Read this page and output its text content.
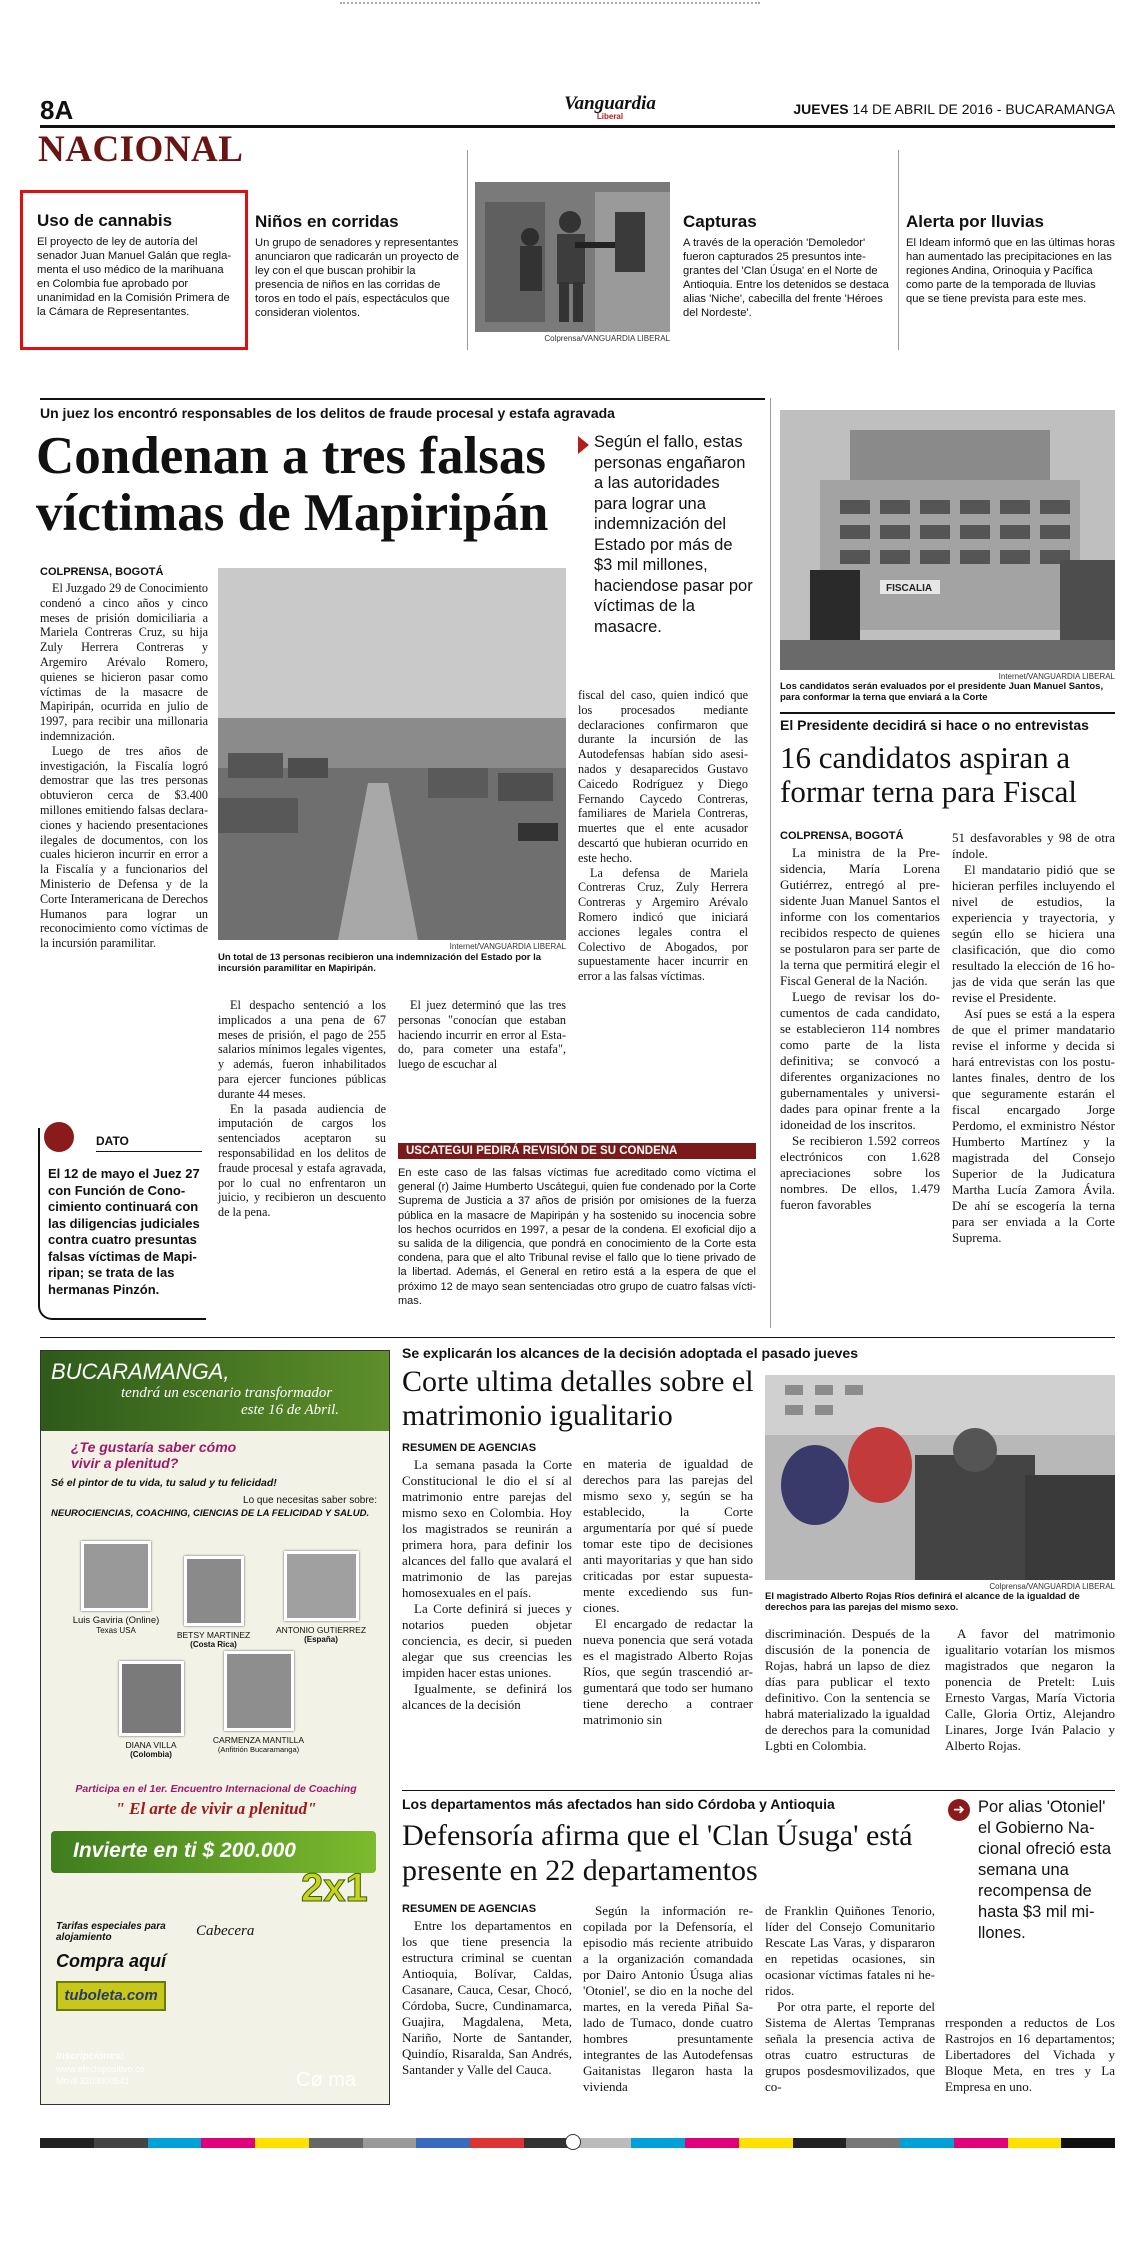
8A	Vanguardia
Liberal	JUEVES 14 DE ABRIL DE 2016 - BUCARAMANGA
NACIONAL
Uso de cannabis
El proyecto de ley de autoría del senador Juan Manuel Galán que reglamenta el uso médico de la marihuana en Colombia fue aprobado por unanimidad en la Comisión Primera de la Cámara de Representantes.
Niños en corridas
Un grupo de senadores y representantes anunciaron que radicarán un proyecto de ley con el que buscan prohibir la presencia de niños en las corridas de toros en todo el país, espectáculos que consideran violentos.
Colprensa/VANGUARDIA LIBERAL
Capturas
A través de la operación 'Demoledor' fueron capturados 25 presuntos integrantes del 'Clan Úsuga' en el Norte de Antioquia. Entre los detenidos se destaca alias 'Niche', cabecilla del frente 'Héroes del Nordeste'.
Alerta por lluvias
El Ideam informó que en las últimas horas han aumentado las precipitaciones en las regiones Andina, Orinoquia y Pacífica como parte de la temporada de lluvias que se tiene prevista para este mes.
Un juez los encontró responsables de los delitos de fraude procesal y estafa agravada
Condenan a tres falsas víctimas de Mapiripán
Según el fallo, estas personas engañaron a las autoridades para lograr una indemnización del Estado por más de $3 mil millones, haciendose pasar por víctimas de la masacre.
COLPRENSA, BOGOTÁ

El Juzgado 29 de Conocimiento condenó a cinco años y cinco meses de prisión domiciliaria a Mariela Contreras Cruz, su hija Zuly Herrera Contreras y Argemiro Arévalo Romero, quienes se hicieron pasar como víctimas de la masacre de Mapiripán, ocurrida en julio de 1997, para recibir una millonaria indemnización.

Luego de tres años de investigación, la Fiscalía logró demostrar que las tres personas obtuvieron cerca de $3.400 millones emitiendo falsas declaraciones y haciendo presentaciones ilegales de documentos, con los cuales hicieron incurrir en error a la Fiscalía y a funcionarios del Ministerio de Defensa y de la Corte Interamericana de Derechos Humanos para lograr un reconocimiento como víctimas de la incursión paramilitar.	Internet/VANGUARDIA LIBERAL
Un total de 13 personas recibieron una indemnización del Estado por la incursión paramilitar en Mapiripán.

El despacho sentenció a los implicados a una pena de 67 meses de prisión, el pago de 255 salarios mínimos legales vigentes, y además, fueron inhabilitados para ejercer funciones públicas durante 44 meses.

En la pasada audiencia de imputación de cargos los sentenciados aceptaron su responsabilidad en los delitos de fraude procesal y estafa agravada, por lo cual no enfrentaron un juicio, y recibieron un descuento de la pena.

El juez determinó que las tres personas "conocían que estaban haciendo incurrir en error al Estado, para cometer una estafa", luego de escuchar al

fiscal del caso, quien indicó que los procesados mediante declaraciones confirmaron que durante la incursión de las Autodefensas habían sido asesinados y desaparecidos Gustavo Caicedo Rodríguez y Diego Fernando Caycedo Contreras, familiares de Mariela Contreras, muertes que el ente acusador descartó que hubieran ocurrido en este hecho.

La defensa de Mariela Contreras Cruz, Zuly Herrera Contreras y Argemiro Arévalo Romero indicó que iniciará acciones legales contra el Colectivo de Abogados, por supuestamente hacer incurrir en error a las falsas víctimas.

DATO
El 12 de mayo el Juez 27 con Función de Conocimiento continuará con las diligencias judiciales contra cuatro presuntas falsas víctimas de Mapiripan; se trata de las hermanas Pinzón.
USCATEGUI PEDIRÁ REVISIÓN DE SU CONDENA
En este caso de las falsas víctimas fue acreditado como víctima el general (r) Jaime Humberto Uscátegui, quien fue condenado por la Corte Suprema de Justicia a 37 años de prisión por omisiones de la fuerza pública en la masacre de Mapiripán y ha sostenido su inocencia sobre los hechos ocurridos en 1997, a pesar de la condena. El exoficial dijo a su salida de la diligencia, que pondrá en conocimiento de la Corte esta condena, para que el alto Tribunal revise el fallo que lo tiene privado de la libertad. Además, el General en retiro está a la espera de que el próximo 12 de mayo sean sentenciadas otro grupo de cuatro falsas víctimas.
FISCALIA
Internet/VANGUARDIA LIBERAL
Los candidatos serán evaluados por el presidente Juan Manuel Santos, para conformar la terna que enviará a la Corte
El Presidente decidirá si hace o no entrevistas
16 candidatos aspiran a formar terna para Fiscal
COLPRENSA, BOGOTÁ

La ministra de la Presidencia, María Lorena Gutiérrez, entregó al presidente Juan Manuel Santos el informe con los comentarios recibidos respecto de quienes se postularon para ser parte de la terna que permitirá elegir el Fiscal General de la Nación.

Luego de revisar los documentos de cada candidato, se establecieron 114 nombres como parte de la lista definitiva; se convocó a diferentes organizaciones no gubernamentales y universidades para opinar frente a la idoneidad de los inscritos.

Se recibieron 1.592 correos electrónicos con 1.628 apreciaciones sobre los nombres. De ellos, 1.479 fueron favorables

51 desfavorables y 98 de otra índole.

El mandatario pidió que se hicieran perfiles incluyendo el nivel de estudios, la experiencia y trayectoria, y según ello se hiciera una clasificación, que dio como resultado la elección de 16 hojas de vida que serán las que revise el Presidente.

Así pues se está a la espera de que el primer mandatario revise el informe y decida si hará entrevistas con los postulantes finales, dentro de los que seguramente estarán el fiscal encargado Jorge Perdomo, el exministro Néstor Humberto Martínez y la magistrada del Consejo Superior de la Judicatura Martha Lucía Zamora Ávila. De ahí se escogería la terna para ser enviada a la Corte Suprema.

BUCARAMANGA,
tendrá un escenario transformador
este 16 de Abril.
¿Te gustaría saber cómo vivir a plenitud?
Sé el pintor de tu vida, tu salud y tu felicidad!
Lo que necesitas saber sobre:
NEUROCIENCIAS, COACHING, CIENCIAS DE LA FELICIDAD Y SALUD.
Luis Gaviria (Online)
Texas USA	BETSY MARTINEZ
(Costa Rica)
ANTONIO GUTIERREZ
(España)
DIANA VILLA
(Colombia)
CARMENZA MANTILLA
(Anfitrión Bucaramanga)
Participa en el 1er. Encuentro Internacional de Coaching
" El arte de vivir a plenitud"
Invierte en ti $ 200.000
2x1
Tarifas especiales para alojamiento	Cabecera
Compra aquí
tuboleta.com
Inscripciones:
www.efectopositivo.co
Movil 3203000541	Cø ma
Se explicarán los alcances de la decisión adoptada el pasado jueves
Corte ultima detalles sobre el matrimonio igualitario
RESUMEN DE AGENCIAS

La semana pasada la Corte Constitucional le dio el sí al matrimonio entre parejas del mismo sexo en Colombia. Hoy los magistrados se reunirán a primera hora, para definir los alcances del fallo que avalará el matrimonio de las parejas homosexuales en el país.

La Corte definirá si jueces y notarios pueden objetar conciencia, es decir, si pueden alegar que sus creencias les impiden hacer estas uniones.

Igualmente, se definirá los alcances de la decisión

en materia de igualdad de derechos para las parejas del mismo sexo y, según se ha establecido, la Corte argumentaría por qué sí puede tomar este tipo de decisiones anti mayoritarias y que han sido criticadas por estar supuestamente excediendo sus funciones.

El encargado de redactar la nueva ponencia que será votada es el magistrado Alberto Rojas Ríos, que según trascendió argumentará que todo ser humano tiene derecho a contraer matrimonio sin

Colprensa/VANGUARDIA LIBERAL
El magistrado Alberto Rojas Ríos definirá el alcance de la igualdad de derechos para las parejas del mismo sexo.

discriminación. Después de la discusión de la ponencia de Rojas, habrá un lapso de diez días para publicar el texto definitivo. Con la sentencia se habrá materializado la igualdad de derechos para la comunidad Lgbti en Colombia.

A favor del matrimonio igualitario votarían los mismos magistrados que negaron la ponencia de Pretelt: Luis Ernesto Vargas, María Victoria Calle, Gloria Ortiz, Alejandro Linares, Jorge Iván Palacio y Alberto Rojas.

Los departamentos más afectados han sido Córdoba y Antioquia
Defensoría afirma que el 'Clan Úsuga' está presente en 22 departamentos
➜ Por alias 'Otoniel' el Gobierno Nacional ofreció esta semana una recompensa de hasta $3 mil millones.
RESUMEN DE AGENCIAS

Entre los departamentos en los que tiene presencia la estructura criminal se cuentan Antioquia, Bolívar, Caldas, Casanare, Cauca, Cesar, Chocó, Córdoba, Sucre, Cundinamarca, Guajira, Magdalena, Meta, Nariño, Norte de Santander, Quindío, Risaralda, San Andrés, Santander y Valle del Cauca.

Según la información recopilada por la Defensoría, el episodio más reciente atribuido a la organización comandada por Dairo Antonio Úsuga alias 'Otoniel', se dio en la noche del martes, en la vereda Piñal Salado de Tumaco, donde cuatro hombres presuntamente integrantes de las Autodefensas Gaitanistas llegaron hasta la vivienda

de Franklin Quiñones Tenorio, líder del Consejo Comunitario Rescate Las Varas, y dispararon en repetidas ocasiones, sin ocasionar víctimas fatales ni heridos.

Por otra parte, el reporte del Sistema de Alertas Tempranas señala la presencia activa de otras cuatro estructuras de grupos posdesmovilizados, que co-

rresponden a reductos de Los Rastrojos en 16 departamentos; Libertadores del Vichada y Bloque Meta, en tres y La Empresa en uno.
